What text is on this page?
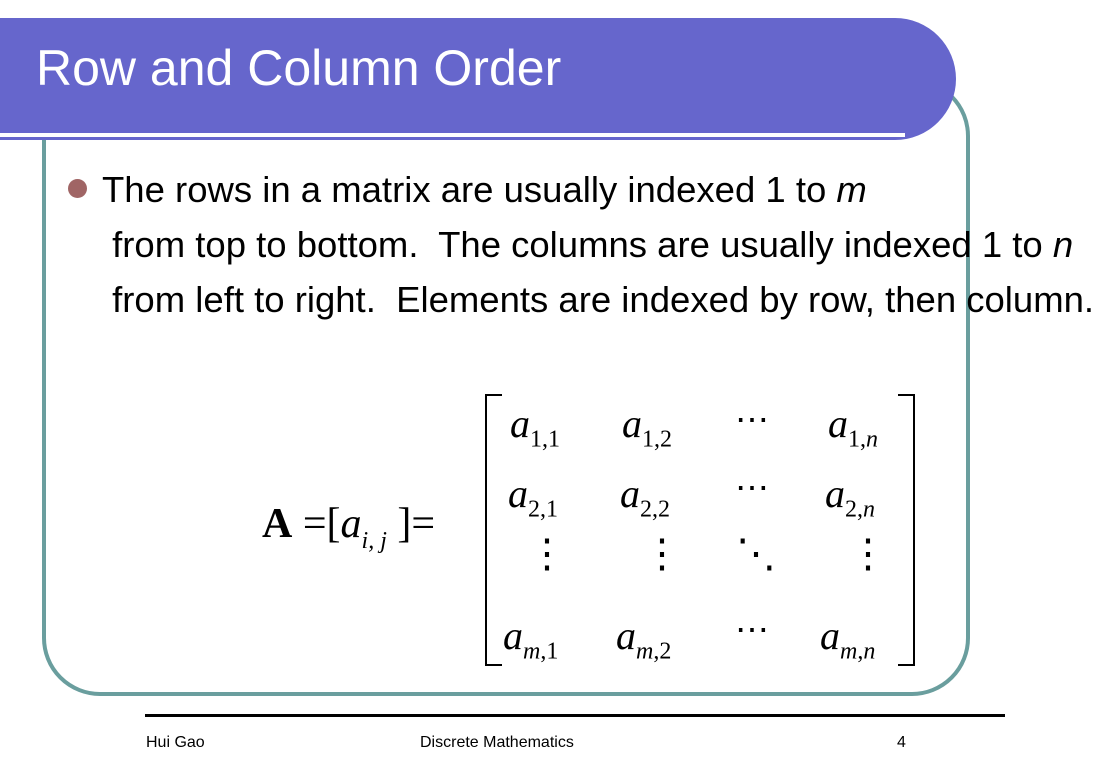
Row and Column Order

The rows in a matrix are usually indexed 1 to m from top to bottom.  The columns are usually indexed 1 to n from left to right.  Elements are indexed by row, then column.

$A =[a_{i, j}$ ]=
$a_{1,1}$ $a_{1,2}$
⋯ $a_{1,n}$
$a_{2,1}$ $a_{2,2}$
⋯ $a_{2,n}$
⋮ ⋮ ⋱ ⋮
$a_{m,1}$ $a_{m,2}$
⋯ $a_{m,n}$
Hui Gao	Discrete Mathematics	4
